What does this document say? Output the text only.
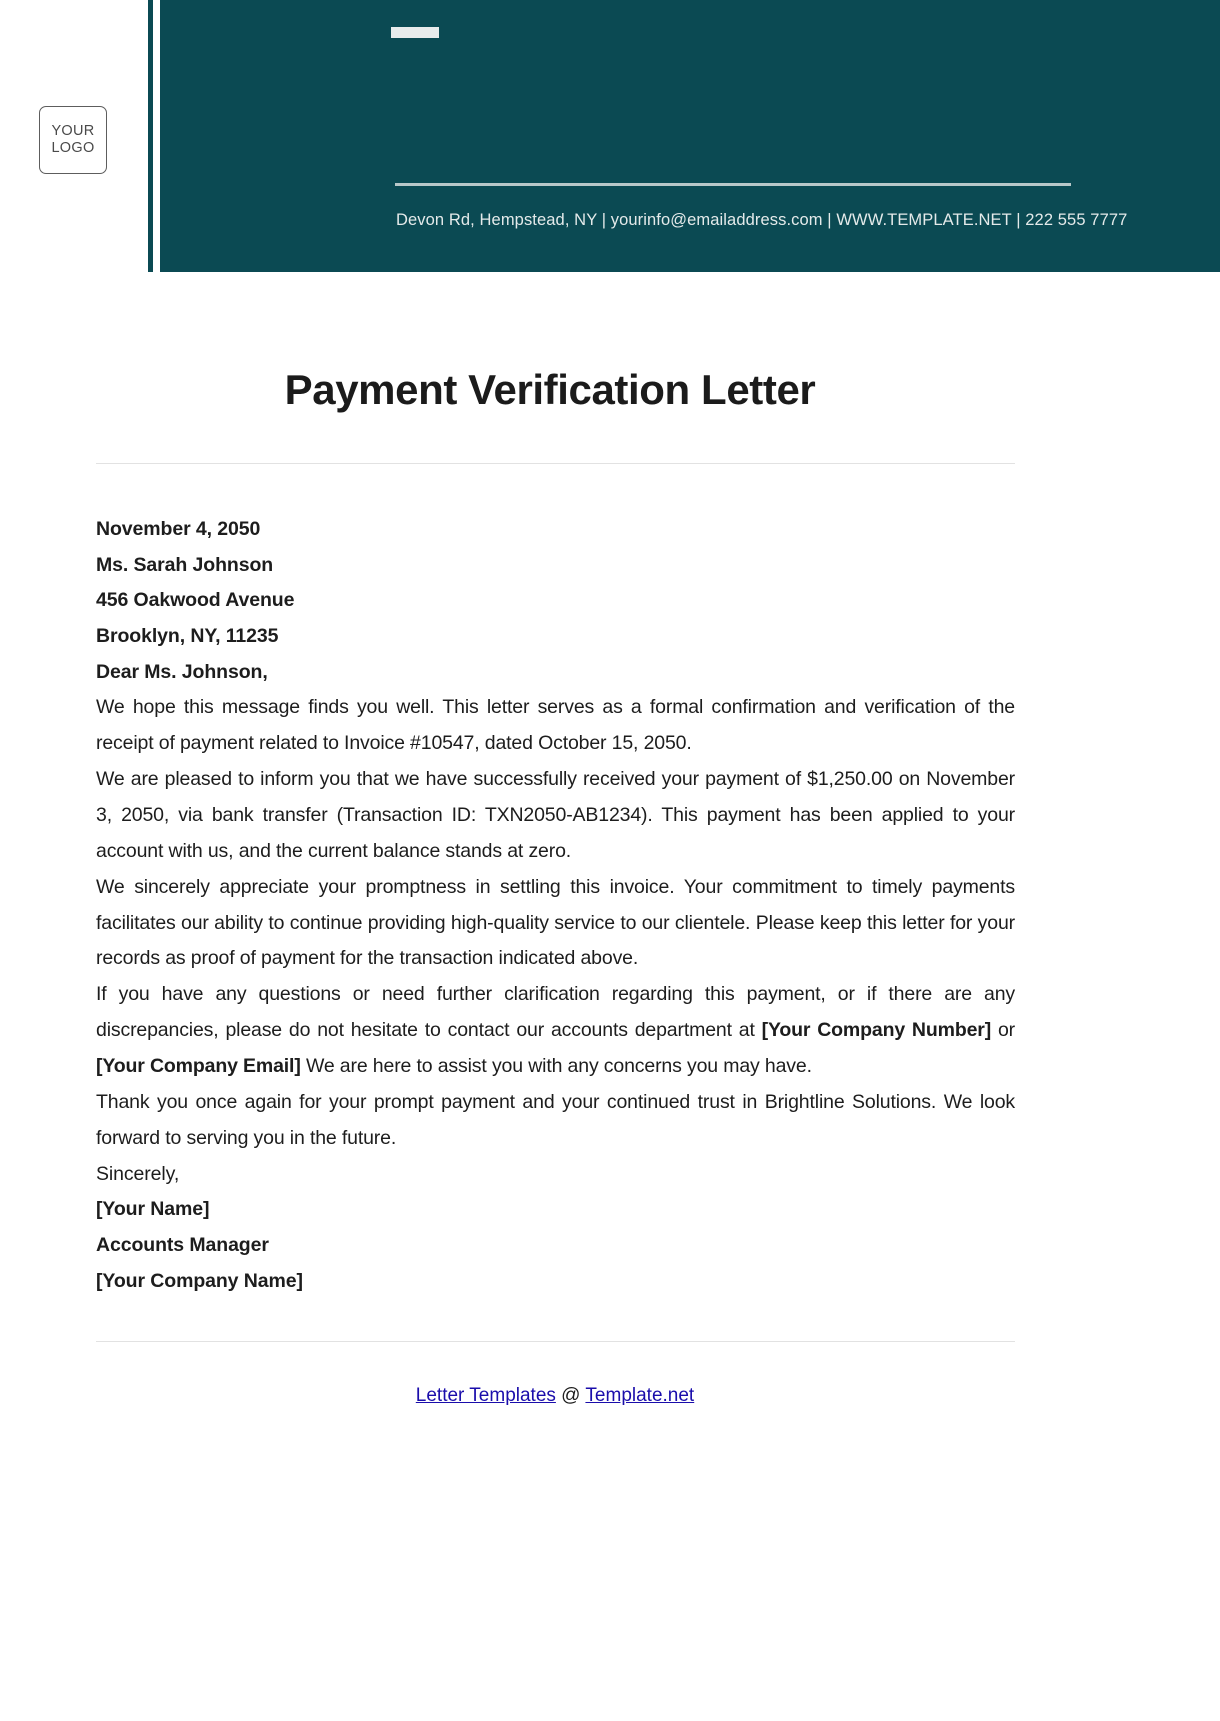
Devon Rd, Hempstead, NY | yourinfo@emailaddress.com | WWW.TEMPLATE.NET | 222 555 7777
YOUR
LOGO
Payment Verification Letter
November 4, 2050
Ms. Sarah Johnson
456 Oakwood Avenue
Brooklyn, NY, 11235
Dear Ms. Johnson,
We hope this message finds you well. This letter serves as a formal confirmation and verification of the receipt of payment related to Invoice #10547, dated October 15, 2050.
We are pleased to inform you that we have successfully received your payment of $1,250.00 on November 3, 2050, via bank transfer (Transaction ID: TXN2050-AB1234). This payment has been applied to your account with us, and the current balance stands at zero.
We sincerely appreciate your promptness in settling this invoice. Your commitment to timely payments facilitates our ability to continue providing high-quality service to our clientele. Please keep this letter for your records as proof of payment for the transaction indicated above.
If you have any questions or need further clarification regarding this payment, or if there are any discrepancies, please do not hesitate to contact our accounts department at [Your Company Number] or [Your Company Email] We are here to assist you with any concerns you may have.
Thank you once again for your prompt payment and your continued trust in Brightline Solutions. We look forward to serving you in the future.
Sincerely,
[Your Name]
Accounts Manager
[Your Company Name]
Letter Templates @ Template.net
